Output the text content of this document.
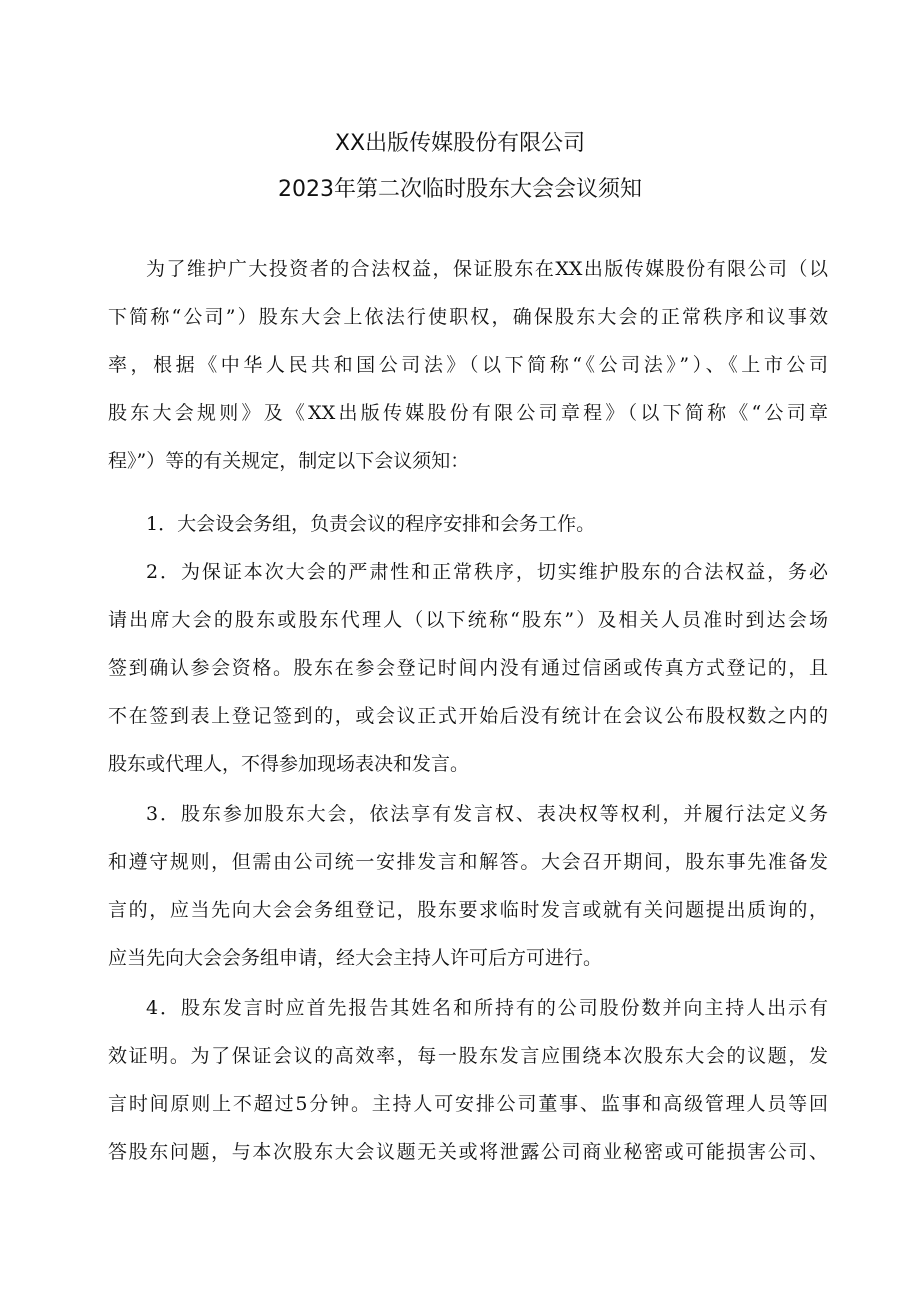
XX出版传媒股份有限公司
2023年第二次临时股东大会会议须知
为了维护广大投资者的合法权益，保证股东在XX出版传媒股份有限公司（以
下简称“公司”）股东大会上依法行使职权，确保股东大会的正常秩序和议事效
率，根据《中华人民共和国公司法》（以下简称“《公司法》”）、《上市公司
股东大会规则》及《XX出版传媒股份有限公司章程》（以下简称《“公司章
程》”）等的有关规定，制定以下会议须知：
1．大会设会务组，负责会议的程序安排和会务工作。
2．为保证本次大会的严肃性和正常秩序，切实维护股东的合法权益，务必
请出席大会的股东或股东代理人（以下统称“股东”）及相关人员准时到达会场
签到确认参会资格。股东在参会登记时间内没有通过信函或传真方式登记的，且
不在签到表上登记签到的，或会议正式开始后没有统计在会议公布股权数之内的
股东或代理人，不得参加现场表决和发言。
3．股东参加股东大会，依法享有发言权、表决权等权利，并履行法定义务
和遵守规则，但需由公司统一安排发言和解答。大会召开期间，股东事先准备发
言的，应当先向大会会务组登记，股东要求临时发言或就有关问题提出质询的，
应当先向大会会务组申请，经大会主持人许可后方可进行。
4．股东发言时应首先报告其姓名和所持有的公司股份数并向主持人出示有
效证明。为了保证会议的高效率，每一股东发言应围绕本次股东大会的议题，发
言时间原则上不超过5分钟。主持人可安排公司董事、监事和高级管理人员等回
答股东问题，与本次股东大会议题无关或将泄露公司商业秘密或可能损害公司、
